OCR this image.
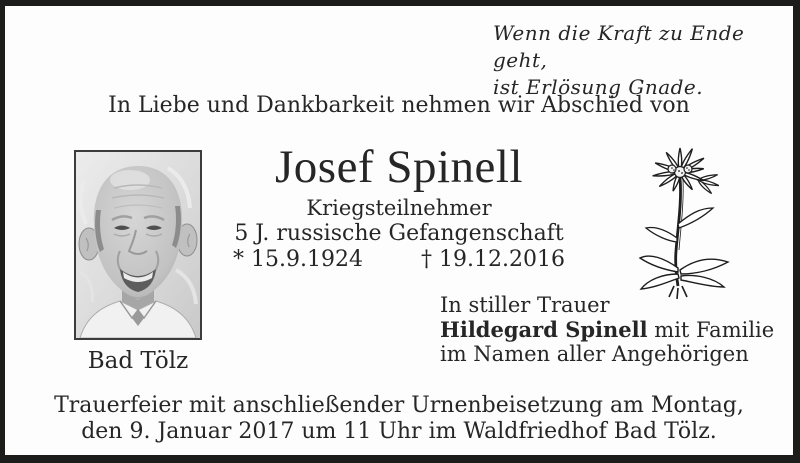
Wenn die Kraft zu Ende geht,
ist Erlösung Gnade.
In Liebe und Dankbarkeit nehmen wir Abschied von
Bad Tölz
Josef Spinell
Kriegsteilnehmer
5 J. russische Gefangenschaft
* 15.9.1924	† 19.12.2016
In stiller Trauer
Hildegard Spinell mit Familie
im Namen aller Angehörigen
Trauerfeier mit anschließender Urnenbeisetzung am Montag,
den 9. Januar 2017 um 11 Uhr im Waldfriedhof Bad Tölz.
